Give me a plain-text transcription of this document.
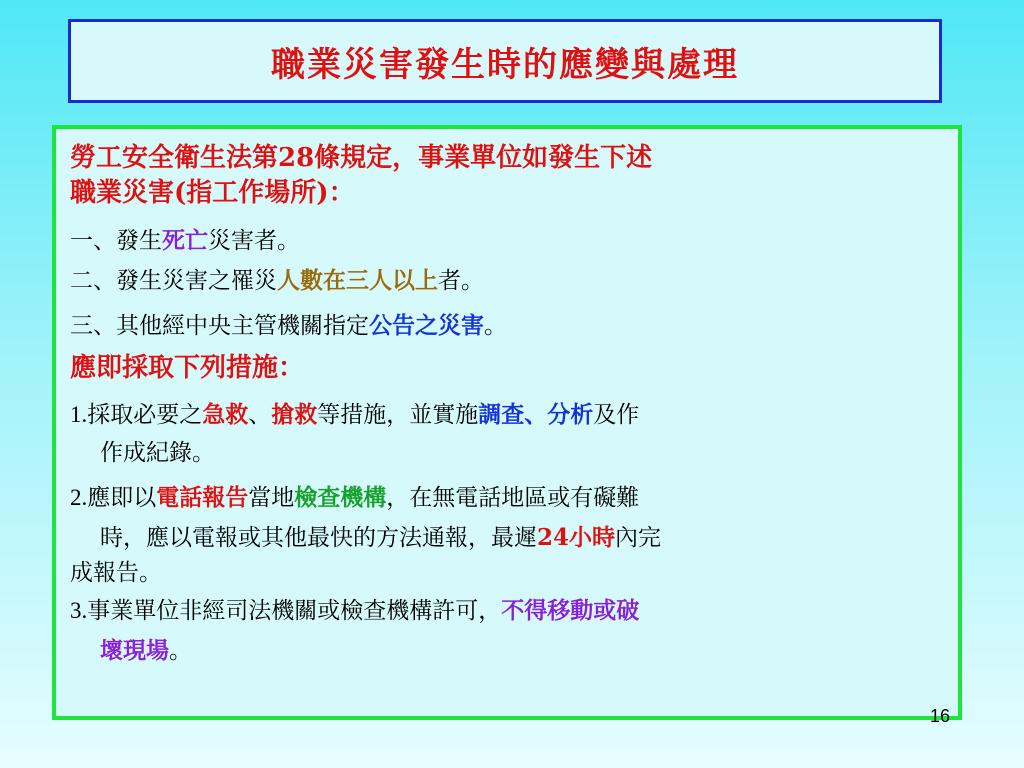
職業災害發生時的應變與處理
勞工安全衛生法第28條規定，事業單位如發生下述
職業災害(指工作場所)：
一、發生死亡災害者。
二、發生災害之罹災人數在三人以上者。
三、其他經中央主管機關指定公告之災害。
應即採取下列措施：
1.採取必要之急救、搶救等措施，並實施調查、分析及作
作成紀錄。
2.應即以電話報告當地檢查機構，在無電話地區或有礙難
時，應以電報或其他最快的方法通報，最遲24小時內完
成報告。
3.事業單位非經司法機關或檢查機構許可，不得移動或破
壞現場。
16
